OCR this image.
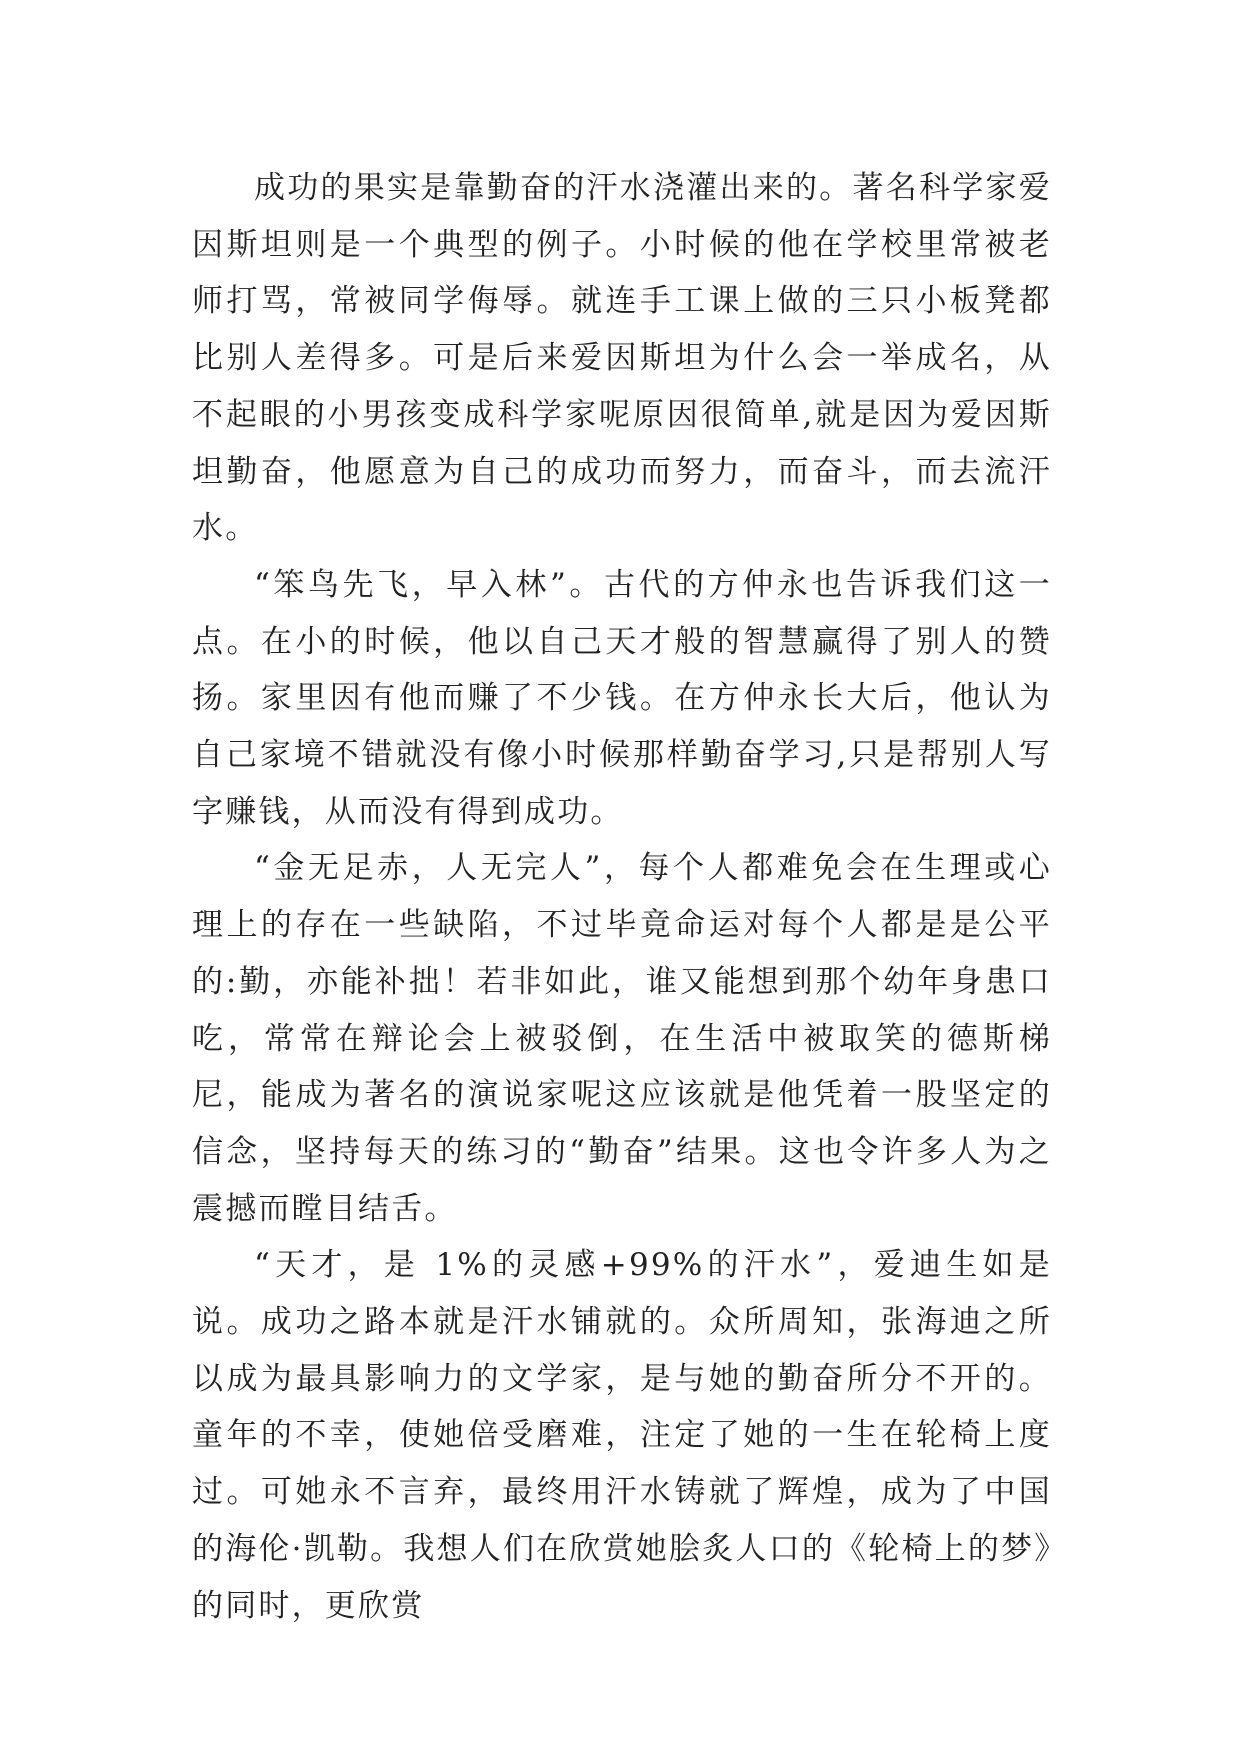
成功的果实是靠勤奋的汗水浇灌出来的。著名科学家爱因斯坦则是一个典型的例子。小时候的他在学校里常被老师打骂，常被同学侮辱。就连手工课上做的三只小板凳都比别人差得多。可是后来爱因斯坦为什么会一举成名，从不起眼的小男孩变成科学家呢原因很简单,就是因为爱因斯坦勤奋，他愿意为自己的成功而努力，而奋斗，而去流汗水。

“笨鸟先飞，早入林”。古代的方仲永也告诉我们这一点。在小的时候，他以自己天才般的智慧赢得了别人的赞扬。家里因有他而赚了不少钱。在方仲永长大后，他认为自己家境不错就没有像小时候那样勤奋学习,只是帮别人写字赚钱，从而没有得到成功。

“金无足赤，人无完人”，每个人都难免会在生理或心理上的存在一些缺陷，不过毕竟命运对每个人都是是公平的:勤，亦能补拙！若非如此，谁又能想到那个幼年身患口吃，常常在辩论会上被驳倒，在生活中被取笑的德斯梯尼，能成为著名的演说家呢这应该就是他凭着一股坚定的信念，坚持每天的练习的“勤奋”结果。这也令许多人为之震撼而瞠目结舌。

“天才，是 1%的灵感+99%的汗水”，爱迪生如是说。成功之路本就是汗水铺就的。众所周知，张海迪之所以成为最具影响力的文学家，是与她的勤奋所分不开的。童年的不幸，使她倍受磨难，注定了她的一生在轮椅上度过。可她永不言弃，最终用汗水铸就了辉煌，成为了中国的海伦·凯勒。我想人们在欣赏她脍炙人口的《轮椅上的梦》的同时，更欣赏
